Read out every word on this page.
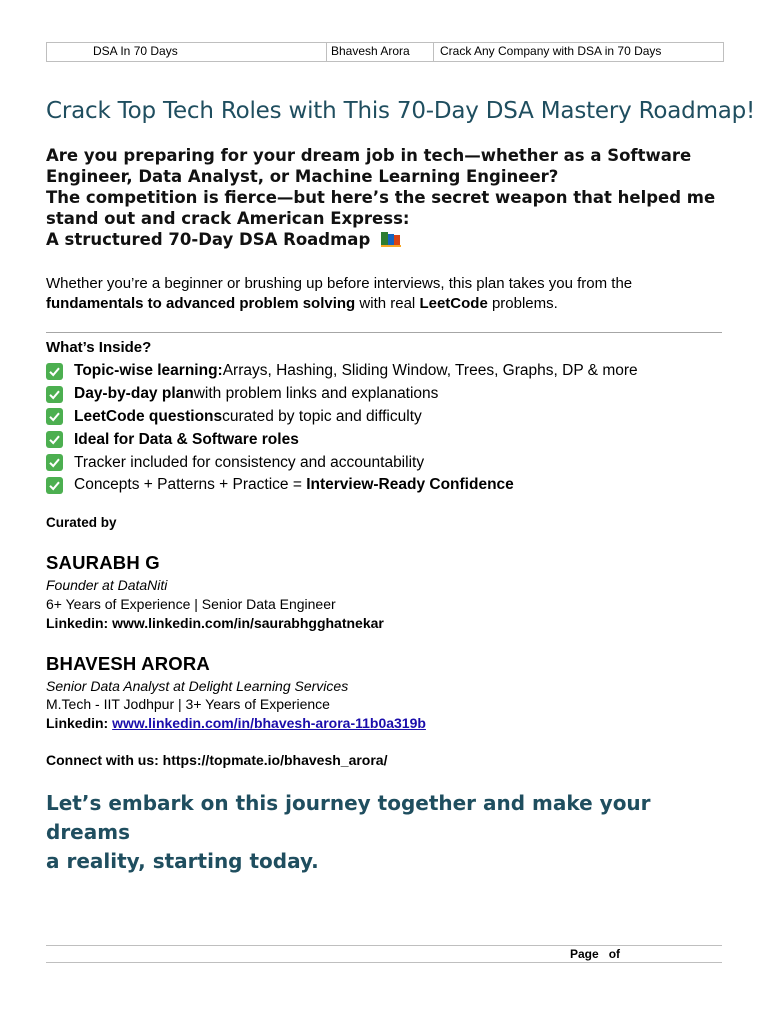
DSA In 70 Days	Bhavesh Arora	Crack Any Company with DSA in 70 Days
Crack Top Tech Roles with This 70-Day DSA Mastery Roadmap!
Are you preparing for your dream job in tech—whether as a Software
Engineer, Data Analyst, or Machine Learning Engineer?
The competition is fierce—but here’s the secret weapon that helped me
stand out and crack American Express:
A structured 70-Day DSA Roadmap
Whether you’re a beginner or brushing up before interviews, this plan takes you from the fundamentals to advanced problem solving with real LeetCode problems.
What’s Inside?
Topic-wise learning: Arrays, Hashing, Sliding Window, Trees, Graphs, DP & more
Day-by-day plan with problem links and explanations
LeetCode questions curated by topic and difficulty
Ideal for Data & Software roles
Tracker included for consistency and accountability
Concepts + Patterns + Practice =
Interview-Ready Confidence
Curated by
SAURABH G
Founder at DataNiti
6+ Years of Experience | Senior Data Engineer
Linkedin: www.linkedin.com/in/saurabhgghatnekar
BHAVESH ARORA
Senior Data Analyst at Delight Learning Services
M.Tech - IIT Jodhpur | 3+ Years of Experience
Linkedin: www.linkedin.com/in/bhavesh-arora-11b0a319b
Connect with us: https://topmate.io/bhavesh_arora/
Let’s embark on this journey together and make your dreams
a reality, starting today.
Page of
